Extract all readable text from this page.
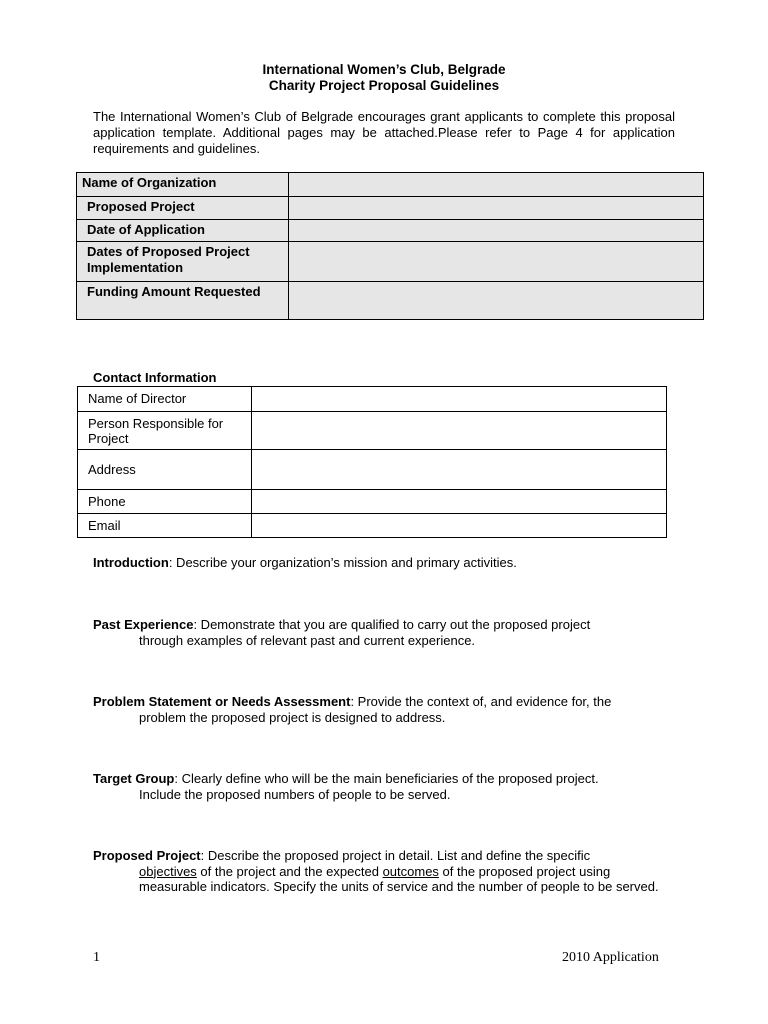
International Women’s Club, Belgrade
Charity Project Proposal Guidelines
The International Women’s Club of Belgrade encourages grant applicants to complete this proposal application template. Additional pages may be attached.Please refer to Page 4 for application requirements and guidelines.
Name of Organization	
Proposed Project	
Date of Application	
Dates of Proposed Project Implementation	
Funding Amount Requested	
Contact Information
Name of Director	

Person Responsible for Project	

Address	
Phone	
Email	
Introduction: Describe your organization’s mission and primary activities.
Past Experience: Demonstrate that you are qualified to carry out the proposed project
through examples of relevant past and current experience.
Problem Statement or Needs Assessment: Provide the context of, and evidence for, the
problem the proposed project is designed to address.
Target Group: Clearly define who will be the main beneficiaries of the proposed project.
Include the proposed numbers of people to be served.
Proposed Project: Describe the proposed project in detail. List and define the specific
objectives of the project and the expected outcomes of the proposed project using
measurable indicators. Specify the units of service and the number of people to be served.
1	2010 Application
